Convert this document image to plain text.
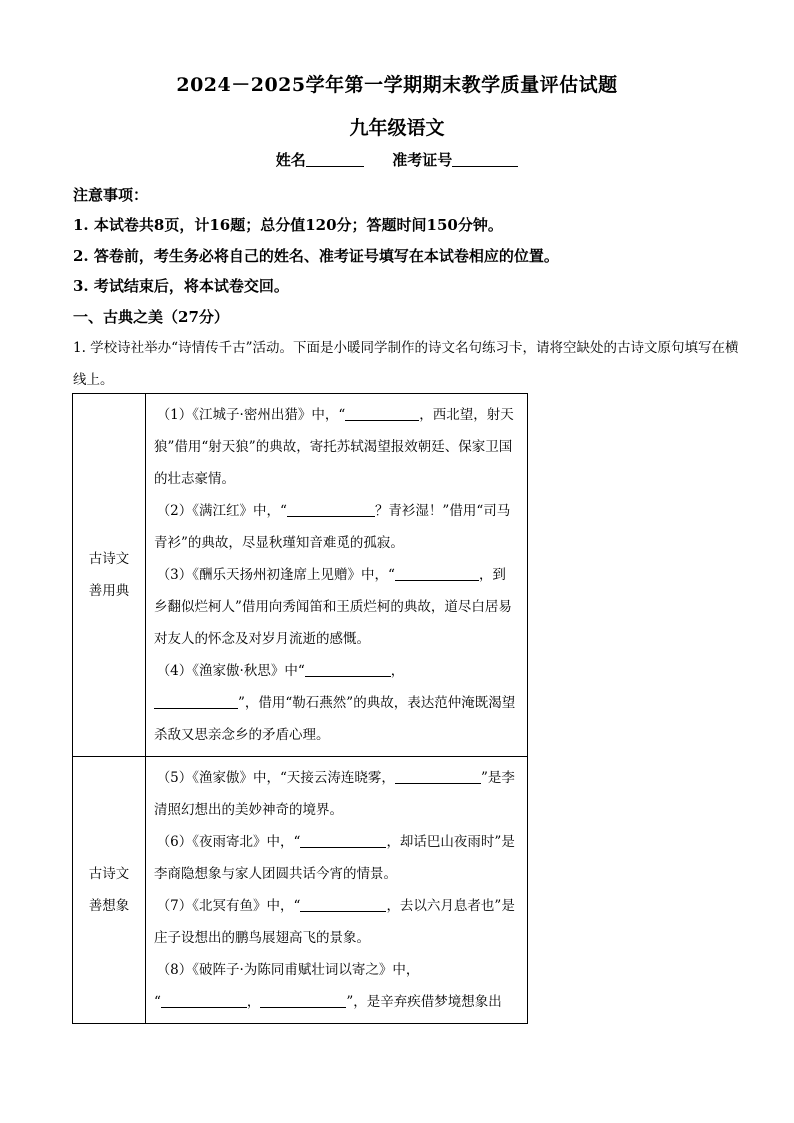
2024－2025学年第一学期期末教学质量评估试题
九年级语文
姓名	准考证号
注意事项：
1. 本试卷共8页，计16题；总分值120分；答题时间150分钟。
2. 答卷前，考生务必将自己的姓名、准考证号填写在本试卷相应的位置。
3. 考试结束后，将本试卷交回。
一、古典之美（27分）
1. 学校诗社举办“诗情传千古”活动。下面是小暖同学制作的诗文名句练习卡，请将空缺处的古诗文原句填写在横线上。
古诗文
善用典	（1）《江城子·密州出猎》中，“ ，西北望，射天狼”借用“射天狼”的典故，寄托苏轼渴望报效朝廷、保家卫国的壮志豪情。
（2）《满江红》中，“ ？青衫湿！”借用“司马青衫”的典故，尽显秋瑾知音难觅的孤寂。
（3）《酬乐天扬州初逢席上见赠》中，“ ，到乡翻似烂柯人”借用向秀闻笛和王质烂柯的典故，道尽白居易对友人的怀念及对岁月流逝的感慨。
（4）《渔家傲·秋思》中“ ，
”，借用“勒石燕然”的典故，表达范仲淹既渴望杀敌又思亲念乡的矛盾心理。

古诗文
善想象	（5）《渔家傲》中，“天接云涛连晓雾， ”是李清照幻想出的美妙神奇的境界。
（6）《夜雨寄北》中，“ ，却话巴山夜雨时”是李商隐想象与家人团圆共话今宵的情景。
（7）《北冥有鱼》中，“ ，去以六月息者也”是庄子设想出的鹏鸟展翅高飞的景象。
（8）《破阵子·为陈同甫赋壮词以寄之》中，
“ ， ”，是辛弃疾借梦境想象出
